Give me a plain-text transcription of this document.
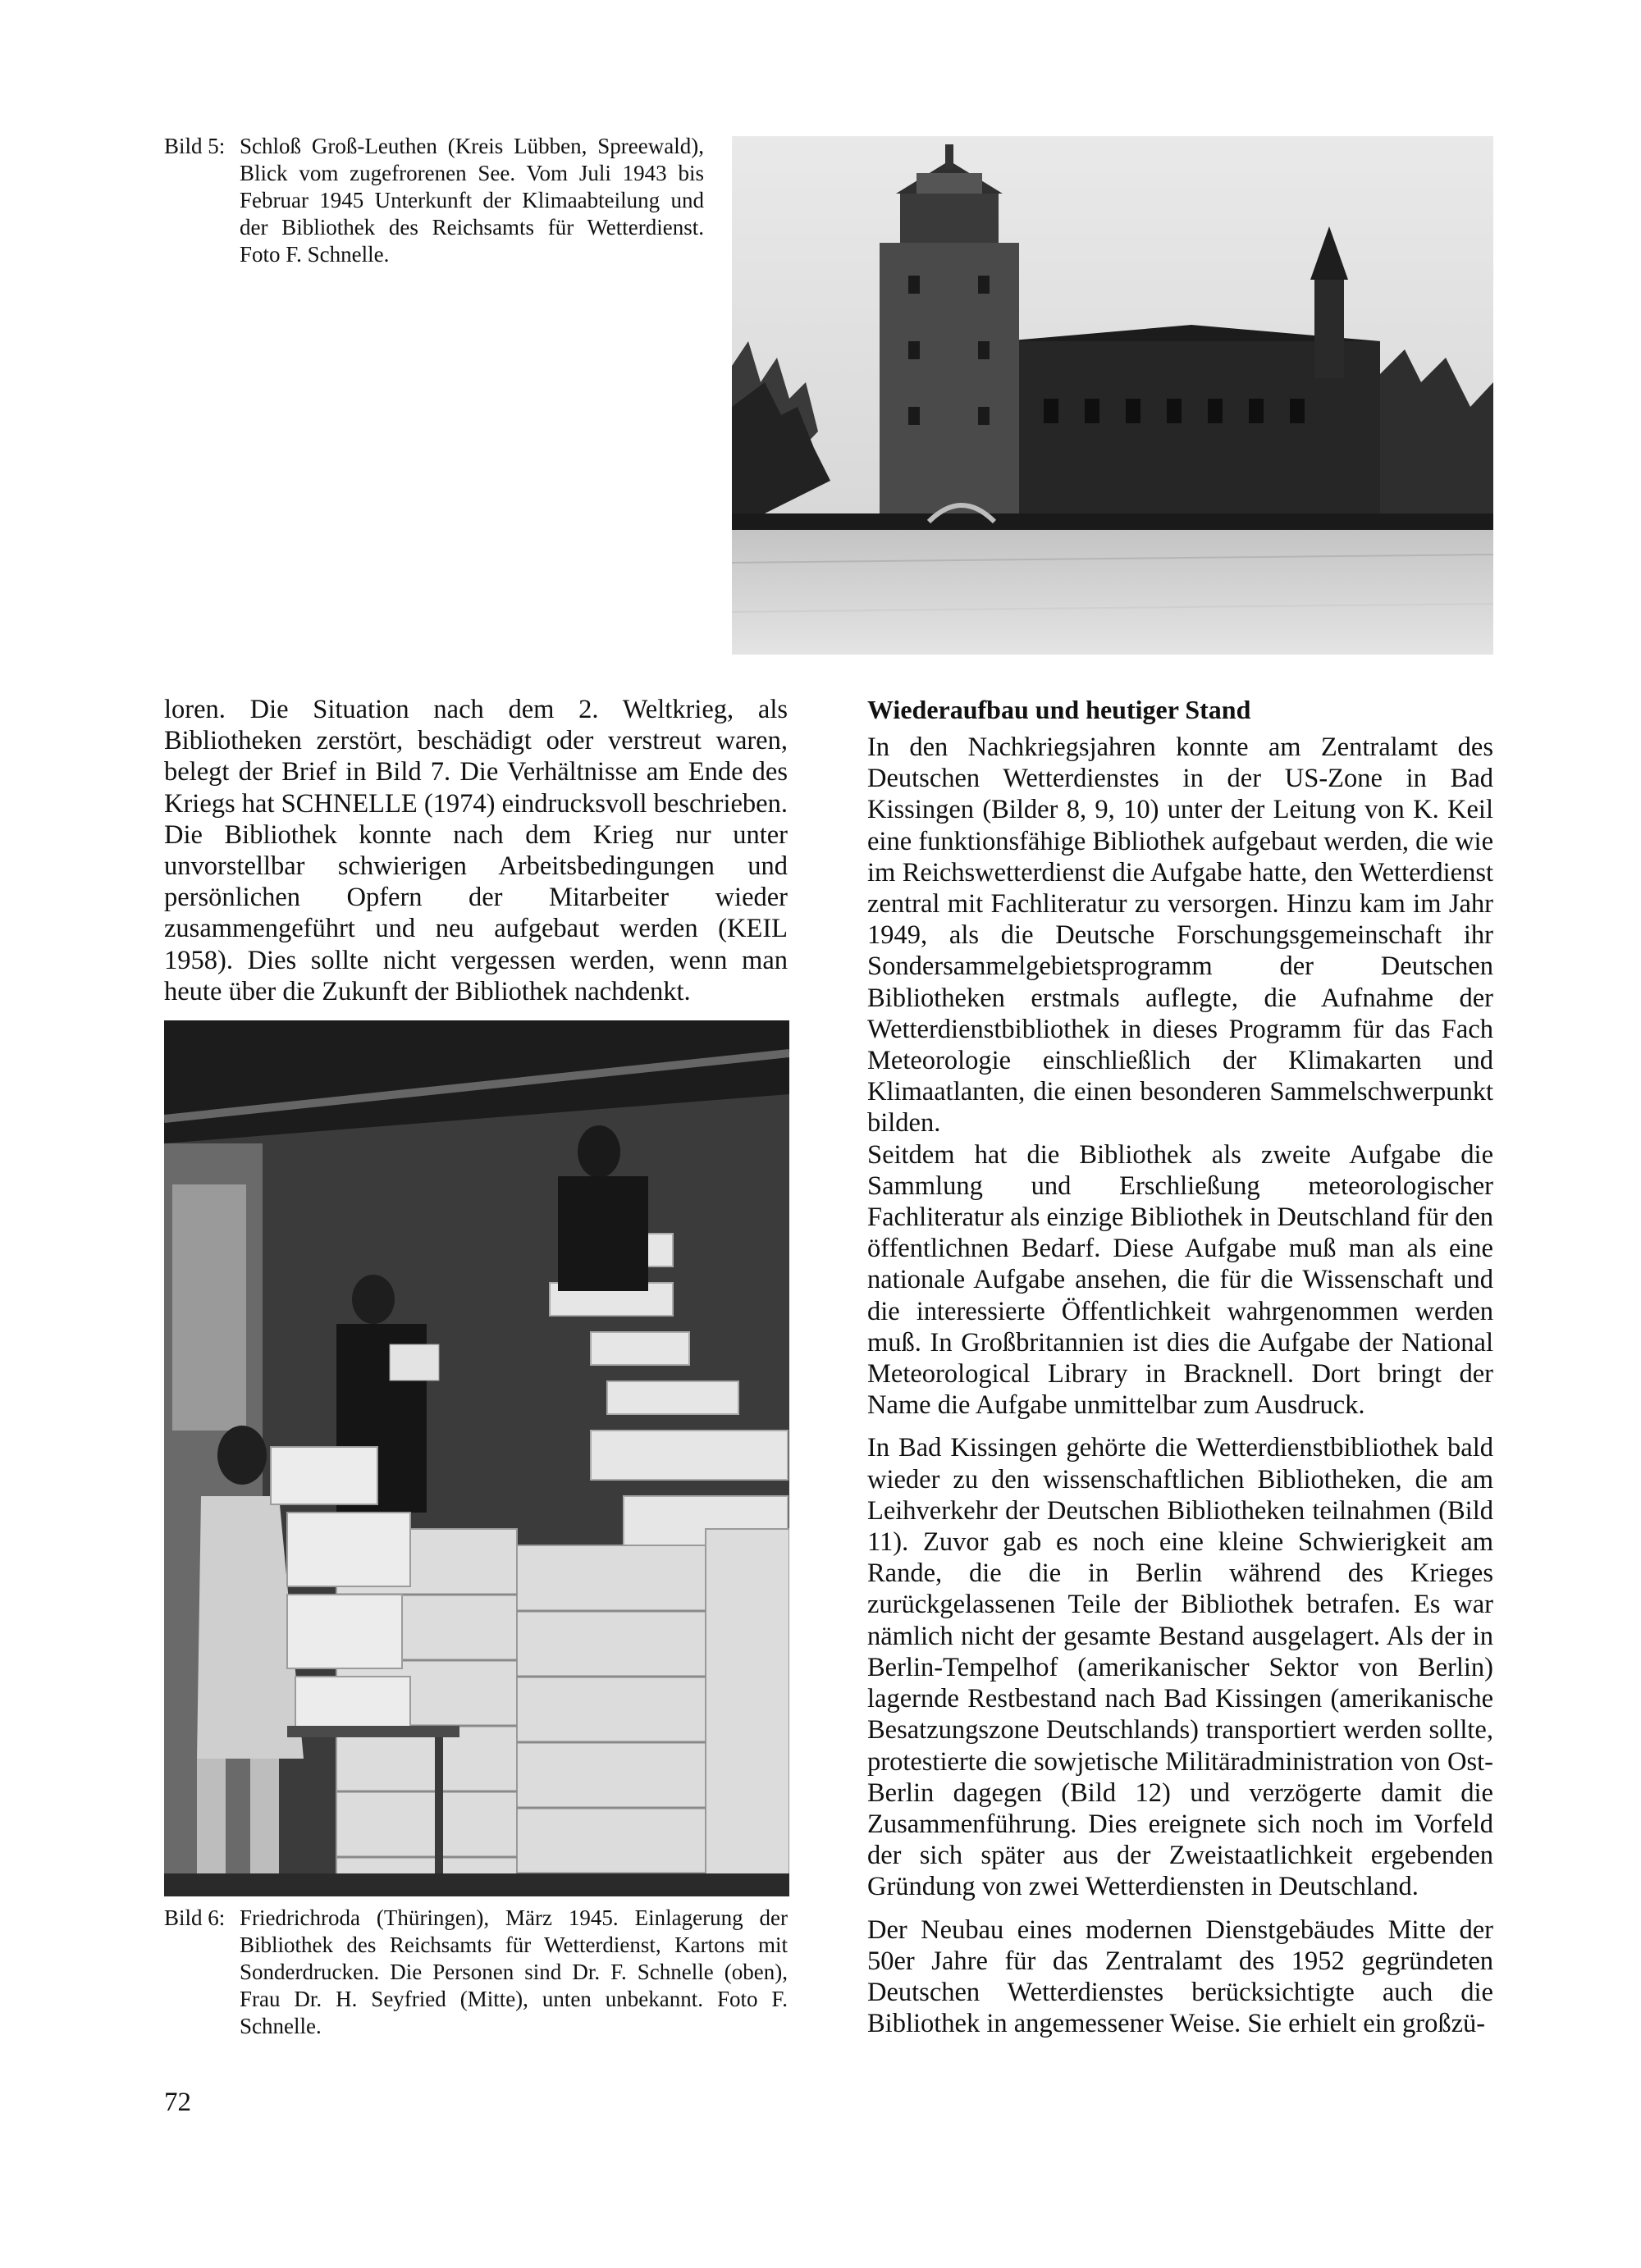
Bild 5: Schloß Groß-Leuthen (Kreis Lübben, Spreewald), Blick vom zugefrorenen See. Vom Juli 1943 bis Februar 1945 Unterkunft der Klimaabteilung und der Bibliothek des Reichsamts für Wetterdienst. Foto F. Schnelle.

loren. Die Situation nach dem 2. Weltkrieg, als Bibliotheken zerstört, beschädigt oder verstreut waren, belegt der Brief in Bild 7. Die Verhältnisse am Ende des Kriegs hat SCHNELLE (1974) eindrucksvoll beschrieben.

Die Bibliothek konnte nach dem Krieg nur unter unvorstellbar schwierigen Arbeitsbedingungen und persönlichen Opfern der Mitarbeiter wieder zusammengeführt und neu aufgebaut werden (KEIL 1958). Dies sollte nicht vergessen werden, wenn man heute über die Zukunft der Bibliothek nachdenkt.

Bild 6: Friedrichroda (Thüringen), März 1945. Einlagerung der Bibliothek des Reichsamts für Wetterdienst, Kartons mit Sonderdrucken. Die Personen sind Dr. F. Schnelle (oben), Frau Dr. H. Seyfried (Mitte), unten unbekannt. Foto F. Schnelle.
Wiederaufbau und heutiger Stand

In den Nachkriegsjahren konnte am Zentralamt des Deutschen Wetterdienstes in der US-Zone in Bad Kissingen (Bilder 8, 9, 10) unter der Leitung von K. Keil eine funktionsfähige Bibliothek aufgebaut werden, die wie im Reichswetterdienst die Aufgabe hatte, den Wetterdienst zentral mit Fachliteratur zu versorgen. Hinzu kam im Jahr 1949, als die Deutsche Forschungsgemeinschaft ihr Sondersammelgebietsprogramm der Deutschen Bibliotheken erstmals auflegte, die Aufnahme der Wetterdienstbibliothek in dieses Programm für das Fach Meteorologie einschließlich der Klimakarten und Klimaatlanten, die einen besonderen Sammelschwerpunkt bilden.

Seitdem hat die Bibliothek als zweite Aufgabe die Sammlung und Erschließung meteorologischer Fachliteratur als einzige Bibliothek in Deutschland für den öffentlichnen Bedarf. Diese Aufgabe muß man als eine nationale Aufgabe ansehen, die für die Wissenschaft und die interessierte Öffentlichkeit wahrgenommen werden muß. In Großbritannien ist dies die Aufgabe der National Meteorological Library in Bracknell. Dort bringt der Name die Aufgabe unmittelbar zum Ausdruck.

In Bad Kissingen gehörte die Wetterdienstbibliothek bald wieder zu den wissenschaftlichen Bibliotheken, die am Leihverkehr der Deutschen Bibliotheken teilnahmen (Bild 11). Zuvor gab es noch eine kleine Schwierigkeit am Rande, die die in Berlin während des Krieges zurückgelassenen Teile der Bibliothek betrafen. Es war nämlich nicht der gesamte Bestand ausgelagert. Als der in Berlin-Tempelhof (amerikanischer Sektor von Berlin) lagernde Restbestand nach Bad Kissingen (amerikanische Besatzungszone Deutschlands) transportiert werden sollte, protestierte die sowjetische Militäradministration von Ost-Berlin dagegen (Bild 12) und verzögerte damit die Zusammenführung. Dies ereignete sich noch im Vorfeld der sich später aus der Zweistaatlichkeit ergebenden Gründung von zwei Wetterdiensten in Deutschland.

Der Neubau eines modernen Dienstgebäudes Mitte der 50er Jahre für das Zentralamt des 1952 gegründeten Deutschen Wetterdienstes berücksichtigte auch die Bibliothek in angemessener Weise. Sie erhielt ein großzü-

72
